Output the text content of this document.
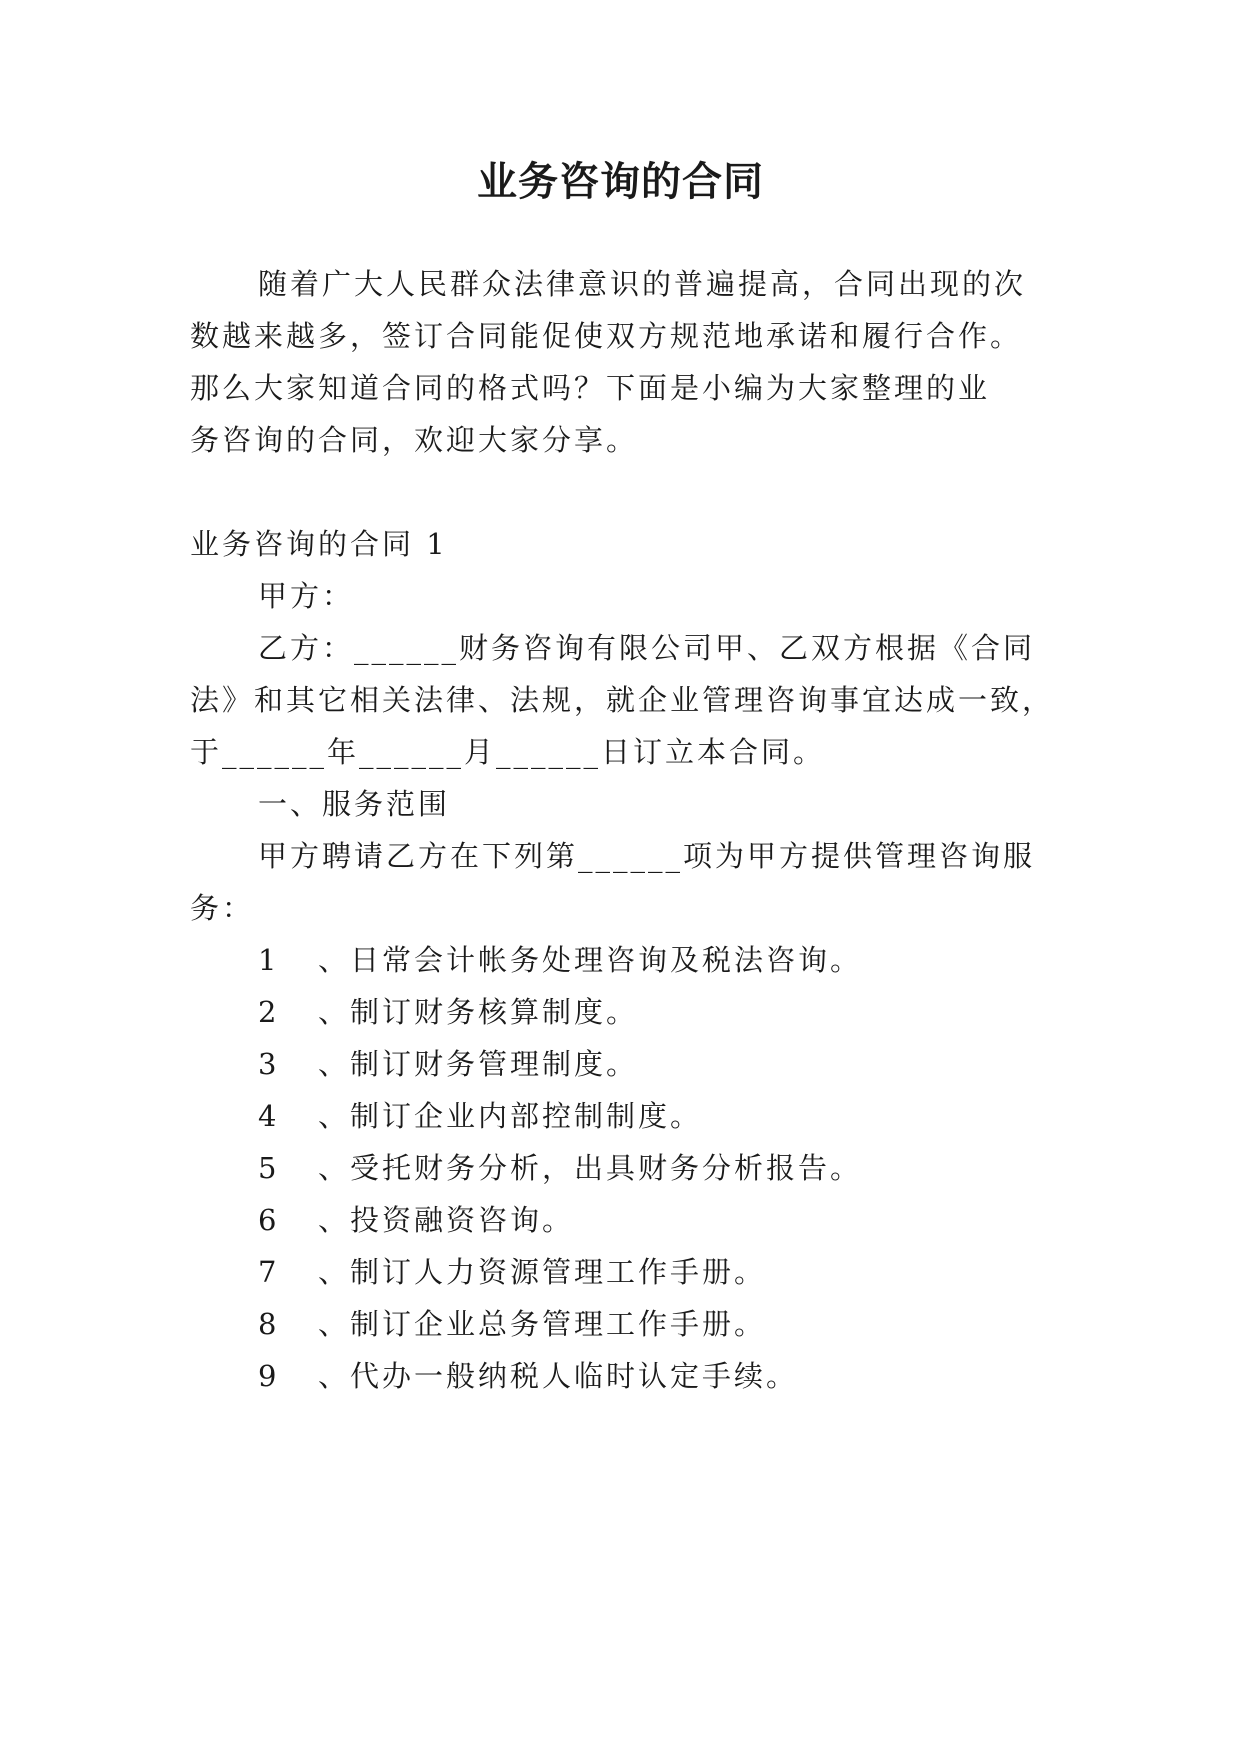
业务咨询的合同
随着广大人民群众法律意识的普遍提高，合同出现的次
数越来越多，签订合同能促使双方规范地承诺和履行合作。
那么大家知道合同的格式吗？下面是小编为大家整理的业
务咨询的合同，欢迎大家分享。
业务咨询的合同 1
甲方：
乙方：______财务咨询有限公司甲、乙双方根据《合同
法》和其它相关法律、法规，就企业管理咨询事宜达成一致，
于______年______月______日订立本合同。
一、服务范围
甲方聘请乙方在下列第______项为甲方提供管理咨询服
务：
1 、日常会计帐务处理咨询及税法咨询。
2 、制订财务核算制度。
3 、制订财务管理制度。
4 、制订企业内部控制制度。
5 、受托财务分析，出具财务分析报告。
6 、投资融资咨询。
7 、制订人力资源管理工作手册。
8 、制订企业总务管理工作手册。
9 、代办一般纳税人临时认定手续。
